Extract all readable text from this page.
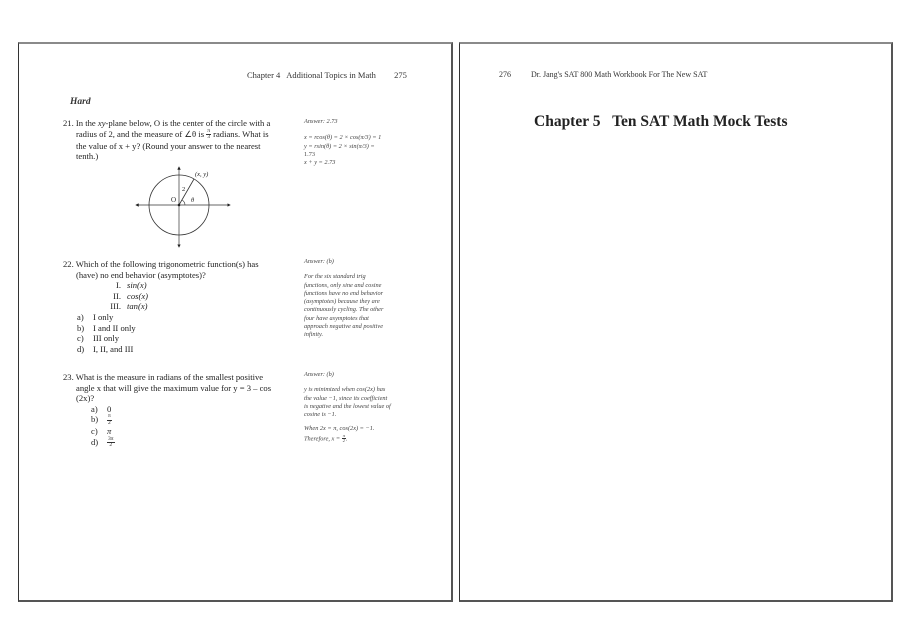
Chapter 4 Additional Topics in Math 275
Hard
21. In the xy-plane below, O is the center of the circle with a
radius of 2, and the measure of ∠θ is $\frac{\pi}{3}$ radians. What is
the value of x + y? (Round your answer to the nearest
tenth.)
(x, y)
2
O θ
Answer: 2.73
x = rcos(θ) = 2 × cos(π/3) = 1
y = rsin(θ) = 2 × sin(π/3) =
1.73
x + y = 2.73
22. Which of the following trigonometric function(s) has
(have) no end behavior (asymptotes)?
I. sin(x)
II. cos(x)
III. tan(x)
a)	I only
b)	I and II only
c)	III only
d)	I, II, and III
Answer: (b)
For the six standard trig
functions, only sine and cosine
functions have no end behavior
(asymptotes) because they are
continuously cycling. The other
four have asymptotes that
approach negative and positive
infinity.
23. What is the measure in radians of the smallest positive
angle x that will give the maximum value for y = 3 – cos
(2x)?
a)	0
b)	$\frac{\pi}{2}$
c)	π
d)	$\frac{3\pi}{2}$
Answer: (b)
y is minimized when cos(2x) has
the value −1, since its coefficient
is negative and the lowest value of
cosine is −1.
When 2x = π, cos(2x) = −1.
Therefore, $x = \frac{\pi}{2}$ .
276	Dr. Jang's SAT 800 Math Workbook For The New SAT
Chapter 5 Ten SAT Math Mock Tests
